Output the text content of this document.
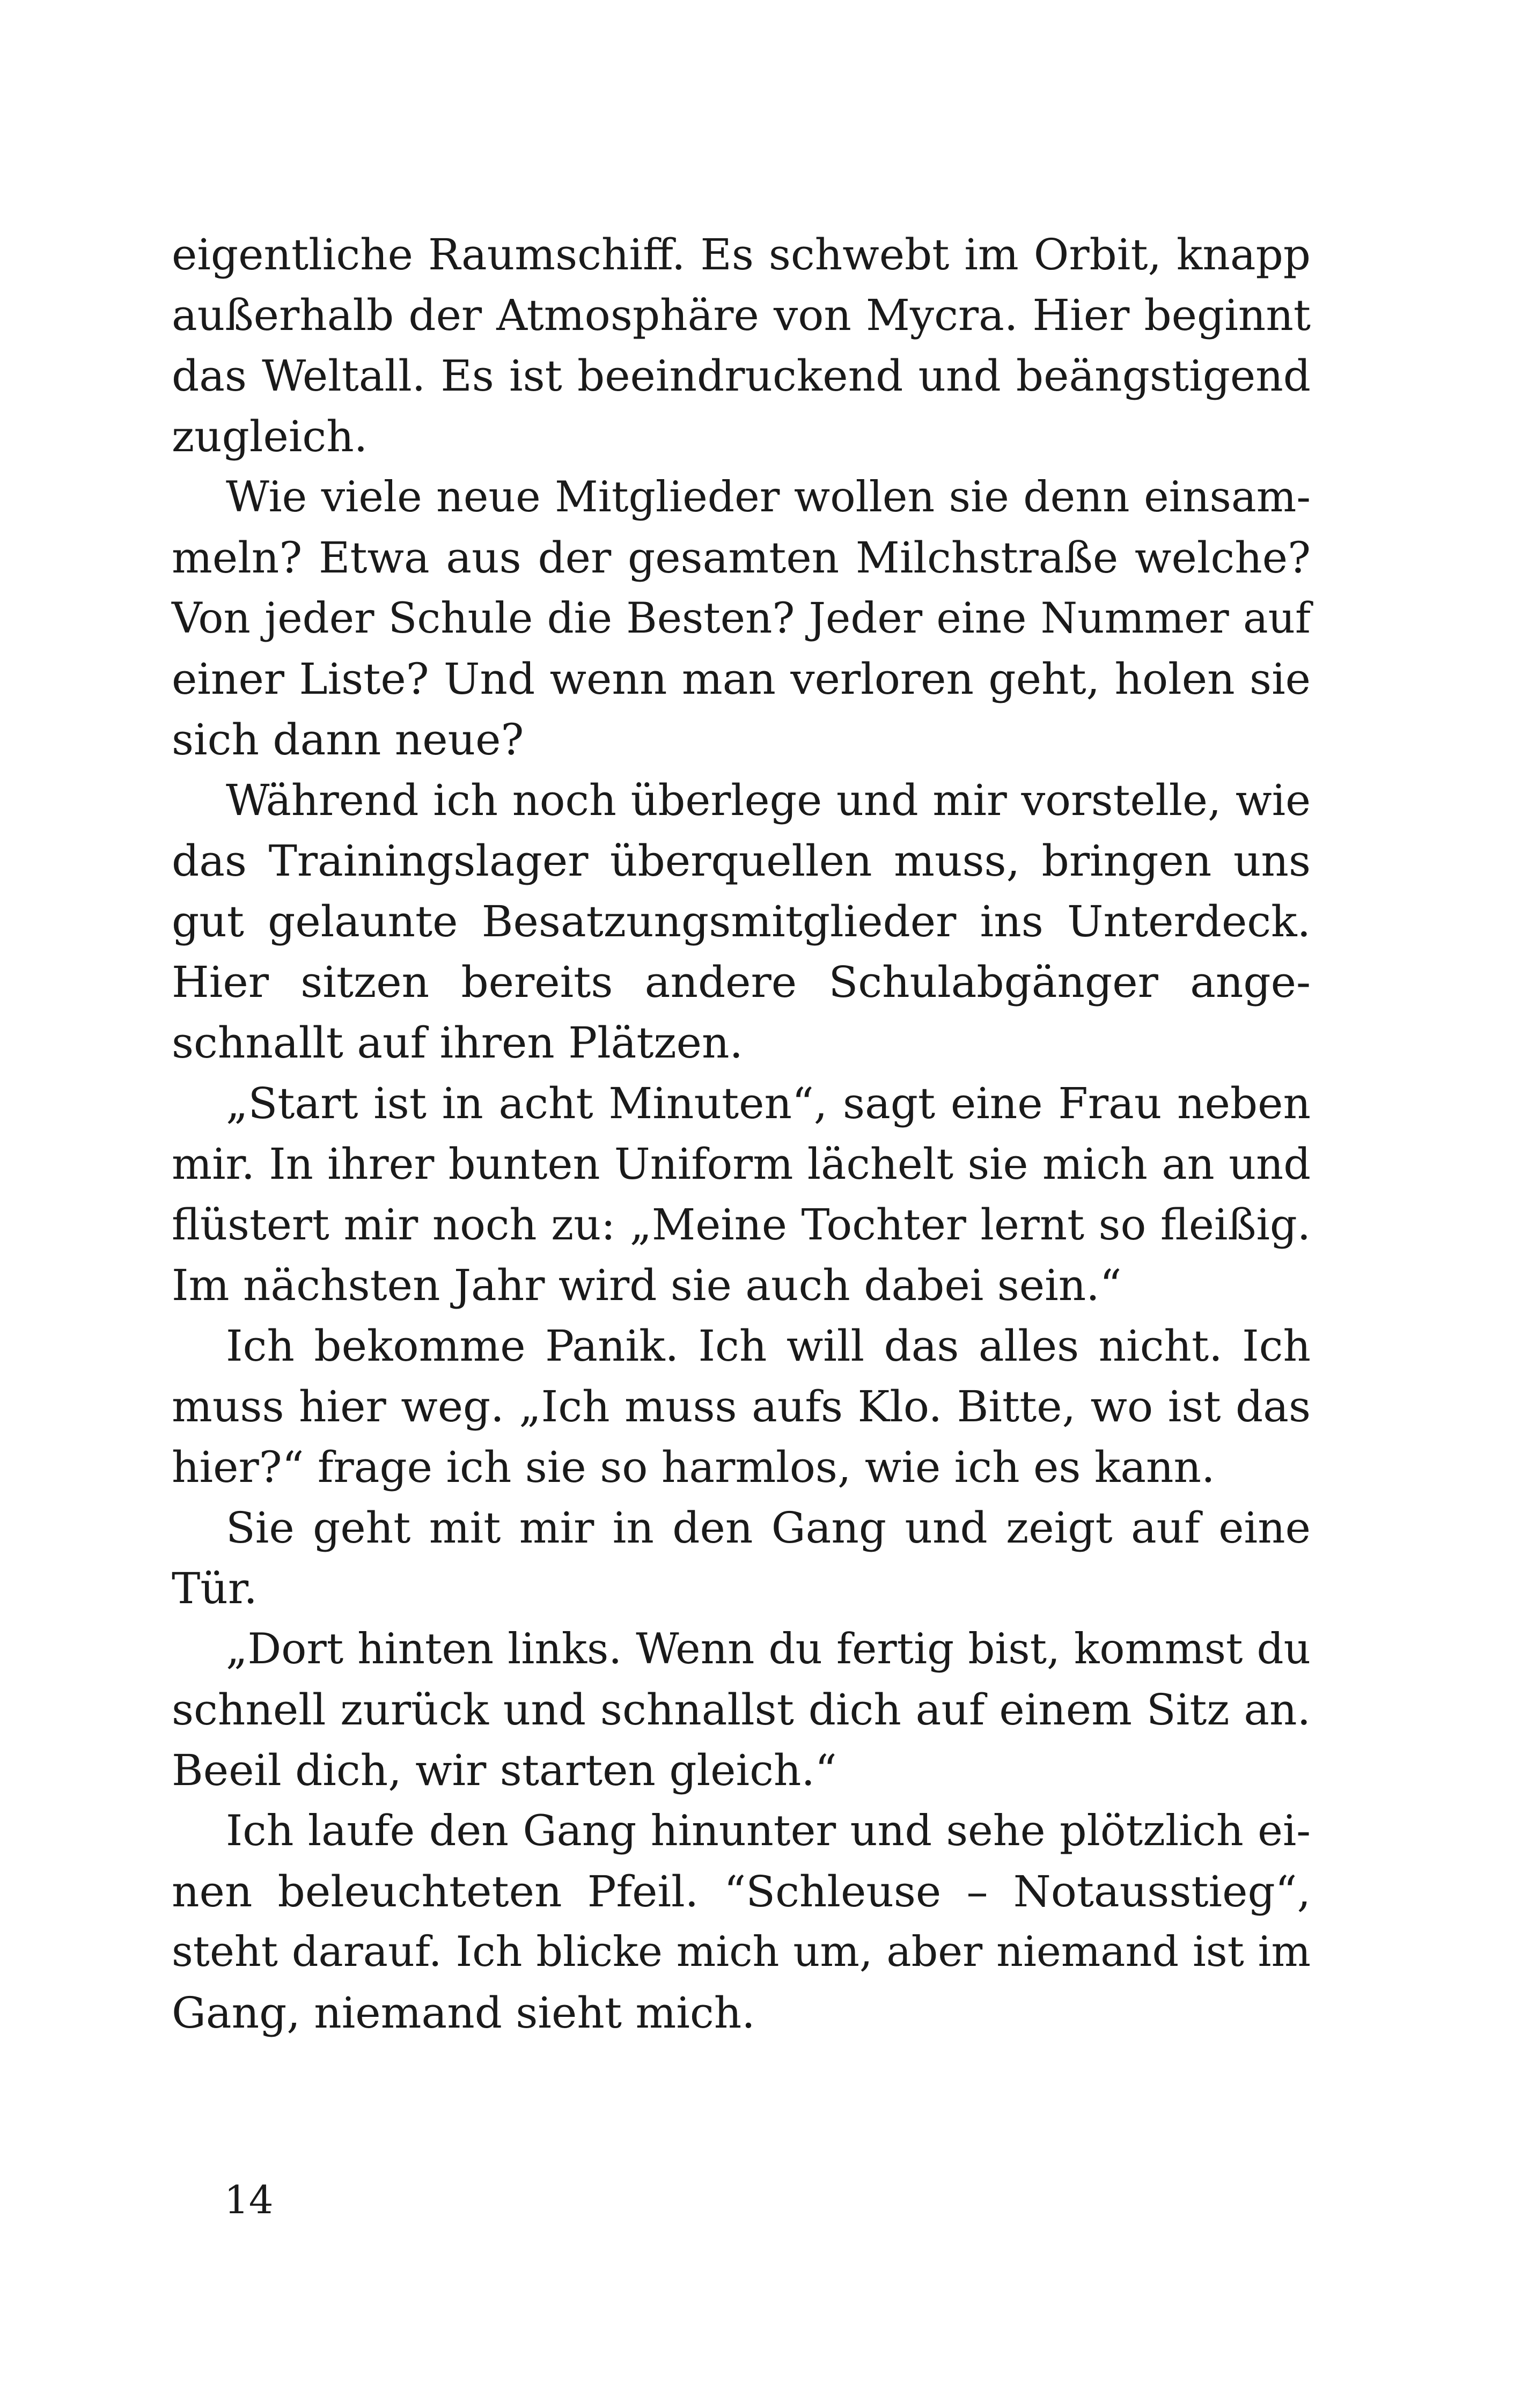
eigentliche Raumschiff. Es schwebt im Orbit, knapp
außerhalb der Atmosphäre von Mycra. Hier beginnt
das Weltall. Es ist beeindruckend und beängstigend
zugleich.
Wie viele neue Mitglieder wollen sie denn einsam-
meln? Etwa aus der gesamten Milchstraße welche?
Von jeder Schule die Besten? Jeder eine Nummer auf
einer Liste? Und wenn man verloren geht, holen sie
sich dann neue?
Während ich noch überlege und mir vorstelle, wie
das Trainingslager überquellen muss, bringen uns
gut gelaunte Besatzungsmitglieder ins Unterdeck.
Hier sitzen bereits andere Schulabgänger ange-
schnallt auf ihren Plätzen.
„Start ist in acht Minuten“, sagt eine Frau neben
mir. In ihrer bunten Uniform lächelt sie mich an und
flüstert mir noch zu: „Meine Tochter lernt so fleißig.
Im nächsten Jahr wird sie auch dabei sein.“
Ich bekomme Panik. Ich will das alles nicht. Ich
muss hier weg. „Ich muss aufs Klo. Bitte, wo ist das
hier?“ frage ich sie so harmlos, wie ich es kann.
Sie geht mit mir in den Gang und zeigt auf eine
Tür.
„Dort hinten links. Wenn du fertig bist, kommst du
schnell zurück und schnallst dich auf einem Sitz an.
Beeil dich, wir starten gleich.“
Ich laufe den Gang hinunter und sehe plötzlich ei-
nen beleuchteten Pfeil. “Schleuse – Notausstieg“,
steht darauf. Ich blicke mich um, aber niemand ist im
Gang, niemand sieht mich.
14
